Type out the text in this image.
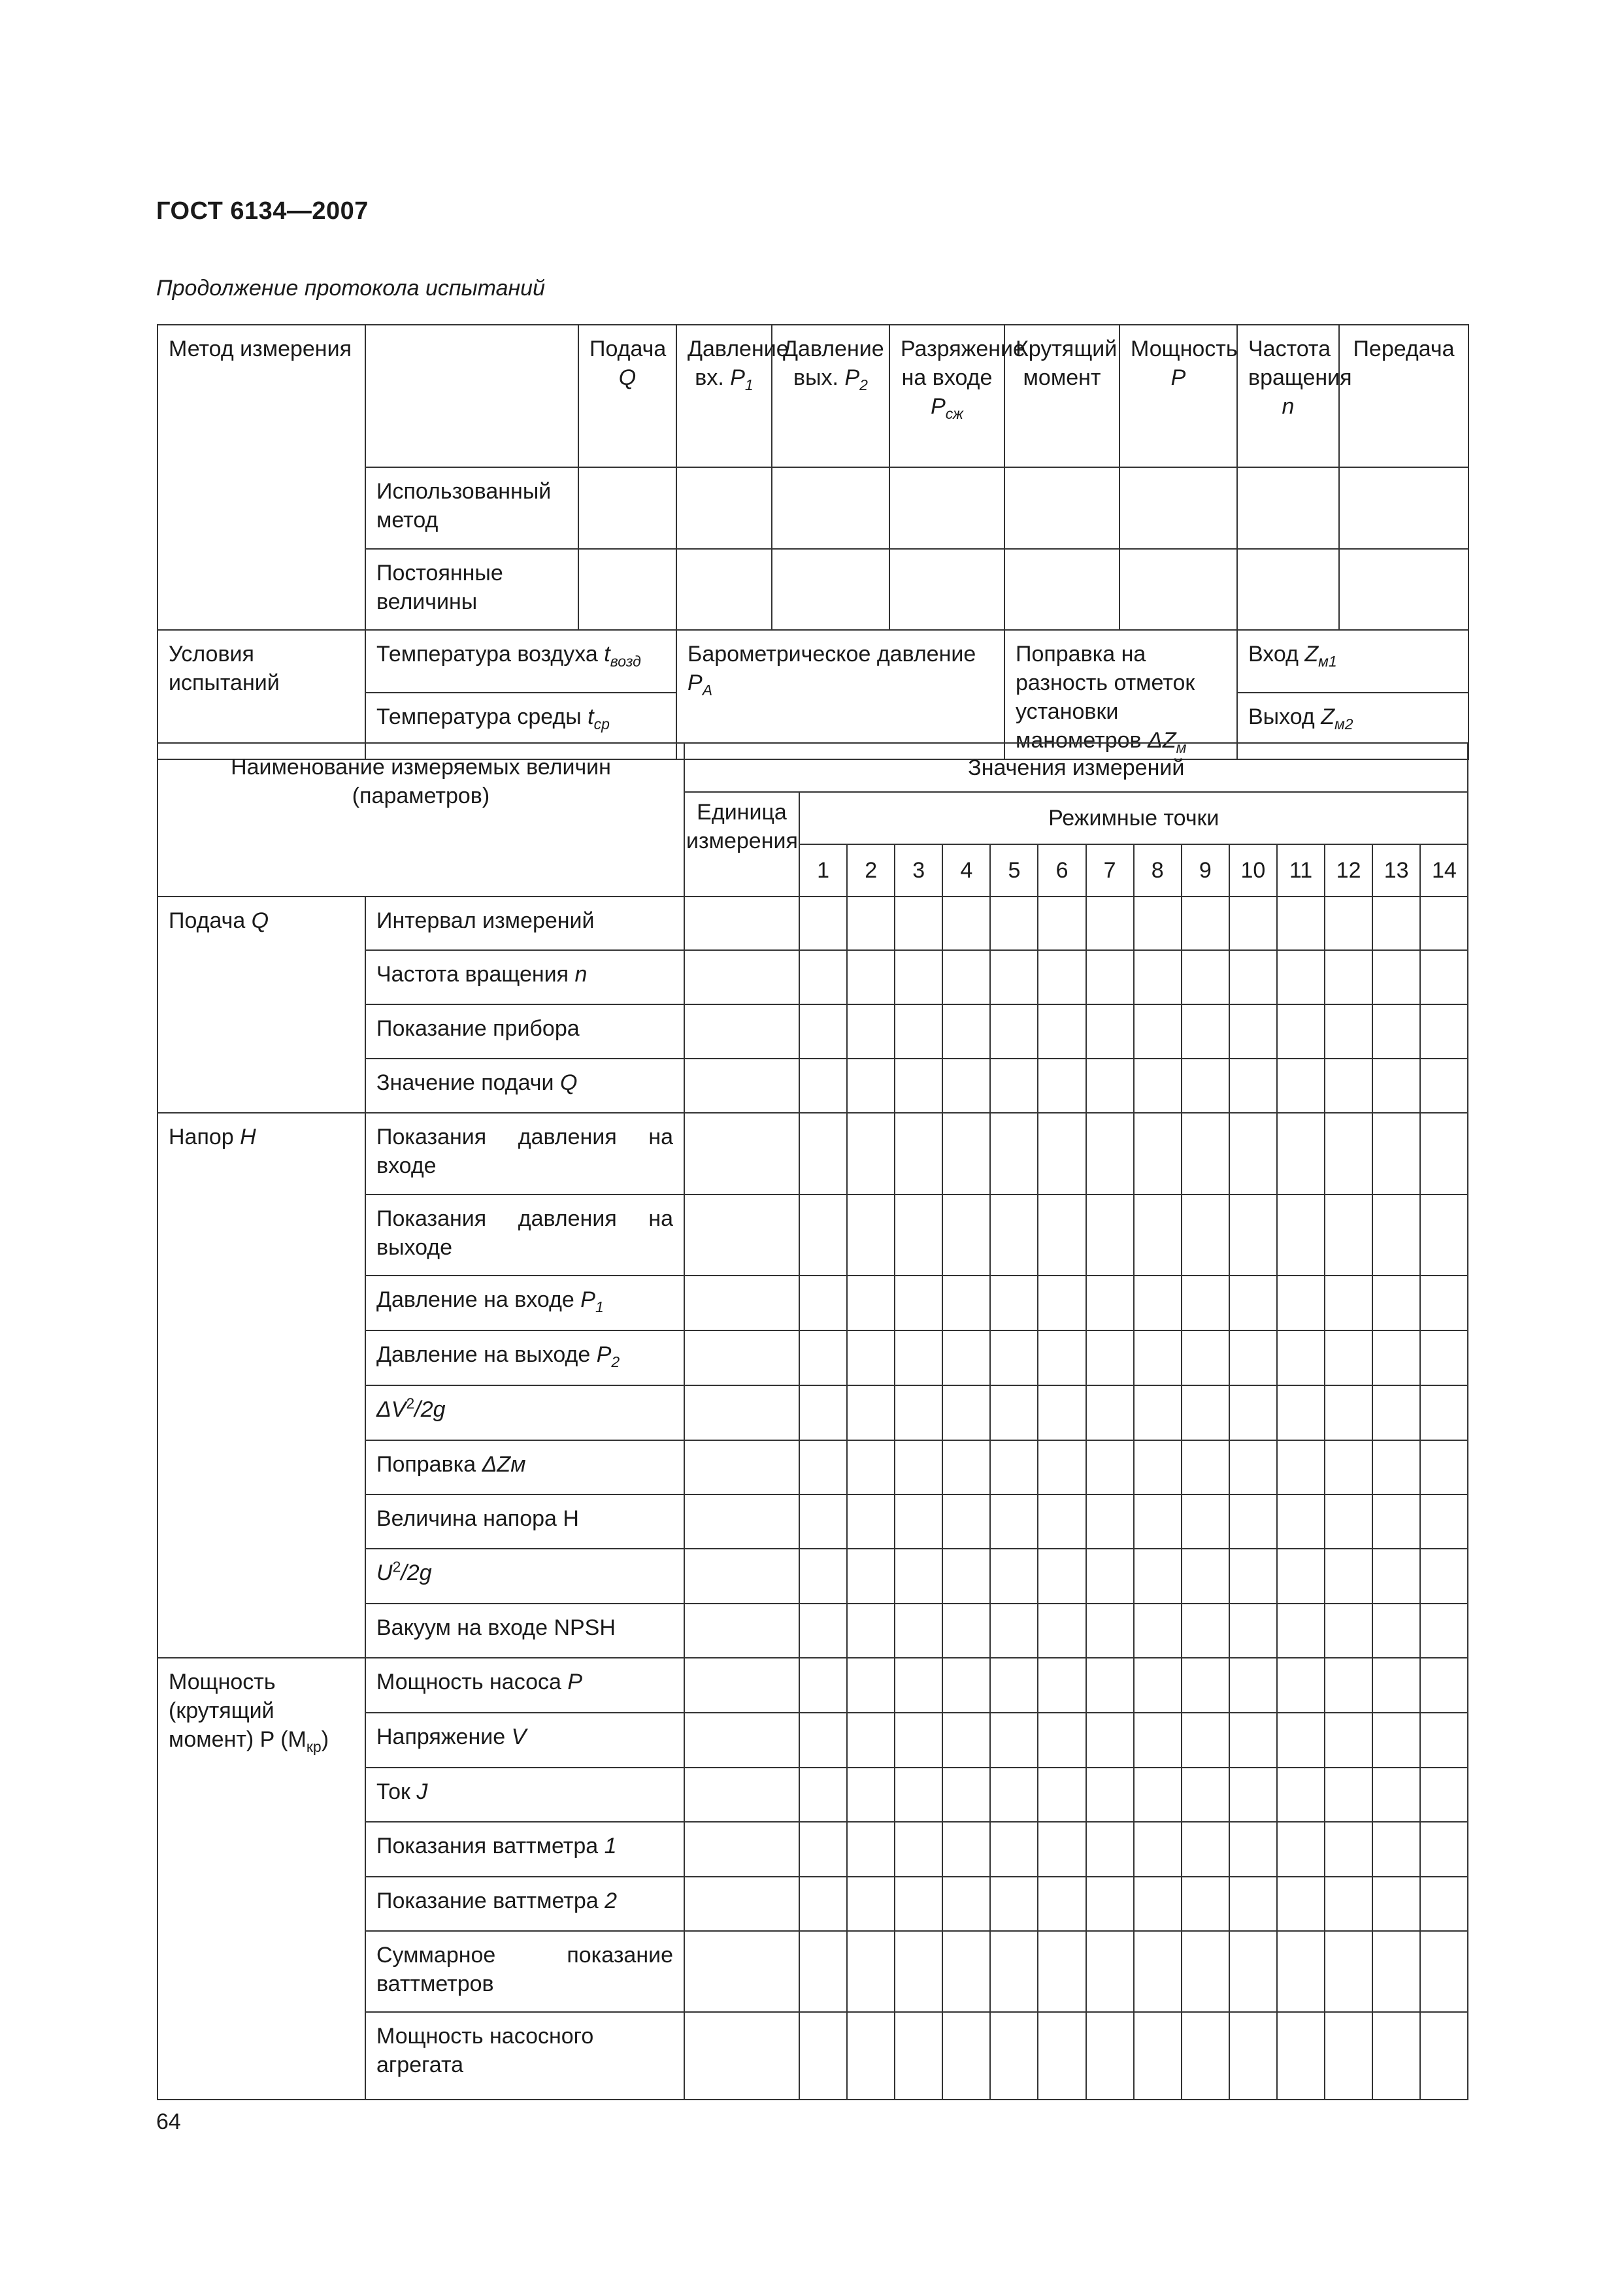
ГОСТ 6134—2007
Продолжение протокола испытаний
Метод измерения		Подача Q	Давление вх. $P_1$	Давление вых. $P_2$	Разряжение на входе $P_{сж}$	Крутящий момент	Мощность P	Частота вращения n	Передача
	Использованный метод								
	Постоянные величины								
Условия испытаний	Температура воздуха $t_{возд}$		Барометрическое давление $P_A$			Поправка на разность отметок установки манометров $\Delta Z_м$		Вход $Z_{м1}$
	Температура среды $t_{ср}$							Выход $Z_{м2}$
Наименование измеряемых величин (параметров)		Значения измерений														
		Единица измерения	Режимные точки													
			1	2	3	4	5	6	7	8	9	10	11	12	13	14
Подача Q	Интервал измерений															
	Частота вращения n															
	Показание прибора															
	Значение подачи Q															
Напор H	Показания давления на входе															
	Показания давления на выходе															
	Давление на входе $P_1$															
	Давление на выходе $P_2$															
	$\Delta V^2/2g$															
	Поправка ΔZм															
	Величина напора H															
	$U^2/2g$															
	Вакуум на входе NPSH															
Мощность (крутящий момент) P $(M_{кр})$	Мощность насоса P															
	Напряжение V															
	Ток J															
	Показания ваттметра 1															
	Показание ваттметра 2															
	Суммарное показание ваттметров															
	Мощность насосного агрегата															
64
